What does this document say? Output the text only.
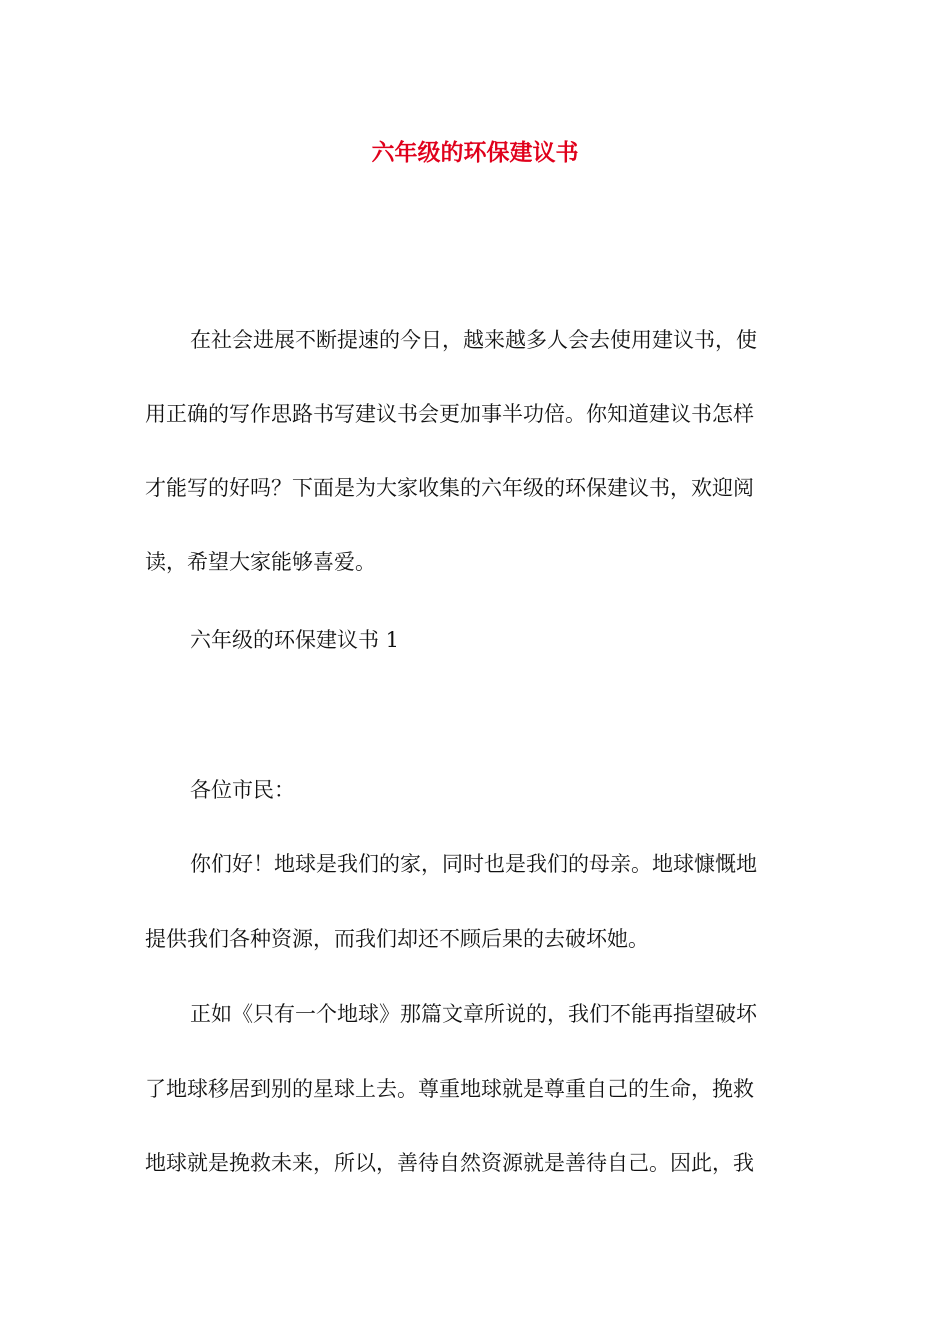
六年级的环保建议书
在社会进展不断提速的今日，越来越多人会去使用建议书，使
用正确的写作思路书写建议书会更加事半功倍。你知道建议书怎样
才能写的好吗？下面是为大家收集的六年级的环保建议书，欢迎阅
读，希望大家能够喜爱。
六年级的环保建议书 1
各位市民：
你们好！地球是我们的家，同时也是我们的母亲。地球慷慨地
提供我们各种资源，而我们却还不顾后果的去破坏她。
正如《只有一个地球》那篇文章所说的，我们不能再指望破坏
了地球移居到别的星球上去。尊重地球就是尊重自己的生命，挽救
地球就是挽救未来，所以，善待自然资源就是善待自己。因此，我
